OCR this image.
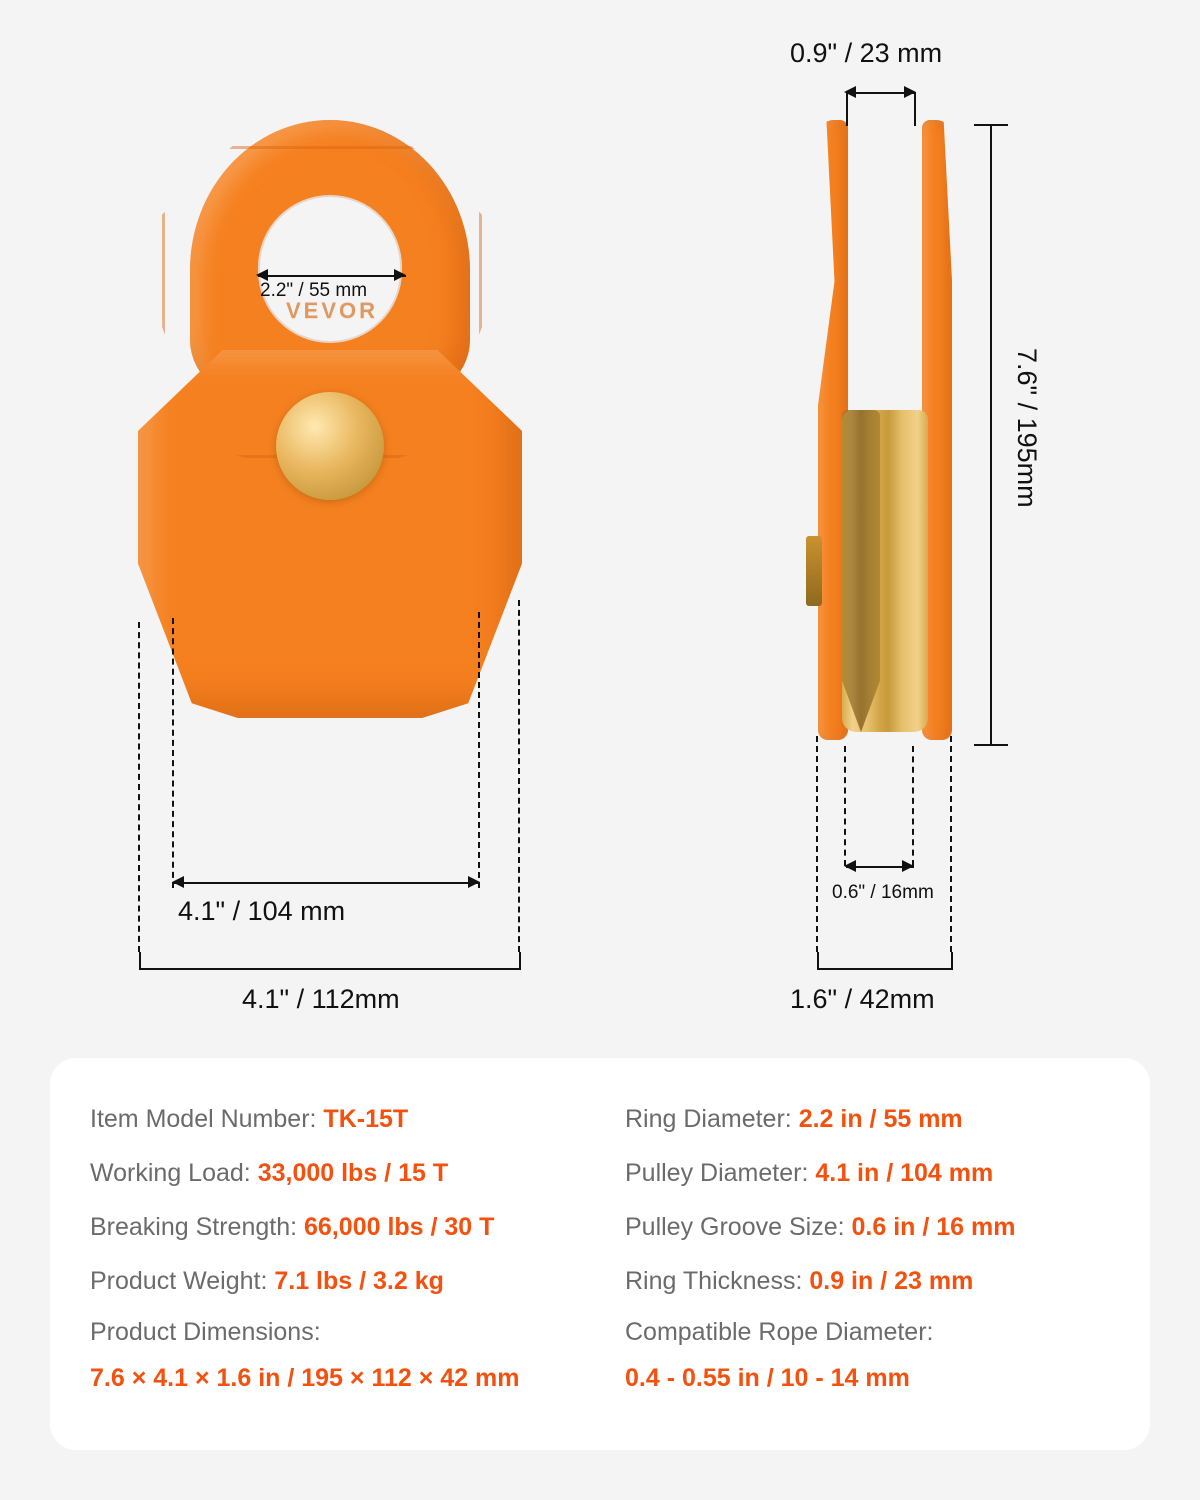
VEVOR
2.2" / 55 mm
4.1" / 104 mm
4.1" / 112mm
0.9" / 23 mm
7.6" / 195mm
0.6" / 16mm
1.6" / 42mm
Item Model Number: TK-15T
Working Load: 33,000 lbs / 15 T
Breaking Strength: 66,000 lbs / 30 T
Product Weight: 7.1 lbs / 3.2 kg
Product Dimensions:
7.6 × 4.1 × 1.6 in / 195 × 112 × 42 mm
Ring Diameter: 2.2 in / 55 mm
Pulley Diameter: 4.1 in / 104 mm
Pulley Groove Size: 0.6 in / 16 mm
Ring Thickness: 0.9 in / 23 mm
Compatible Rope Diameter:
0.4 - 0.55 in / 10 - 14 mm
